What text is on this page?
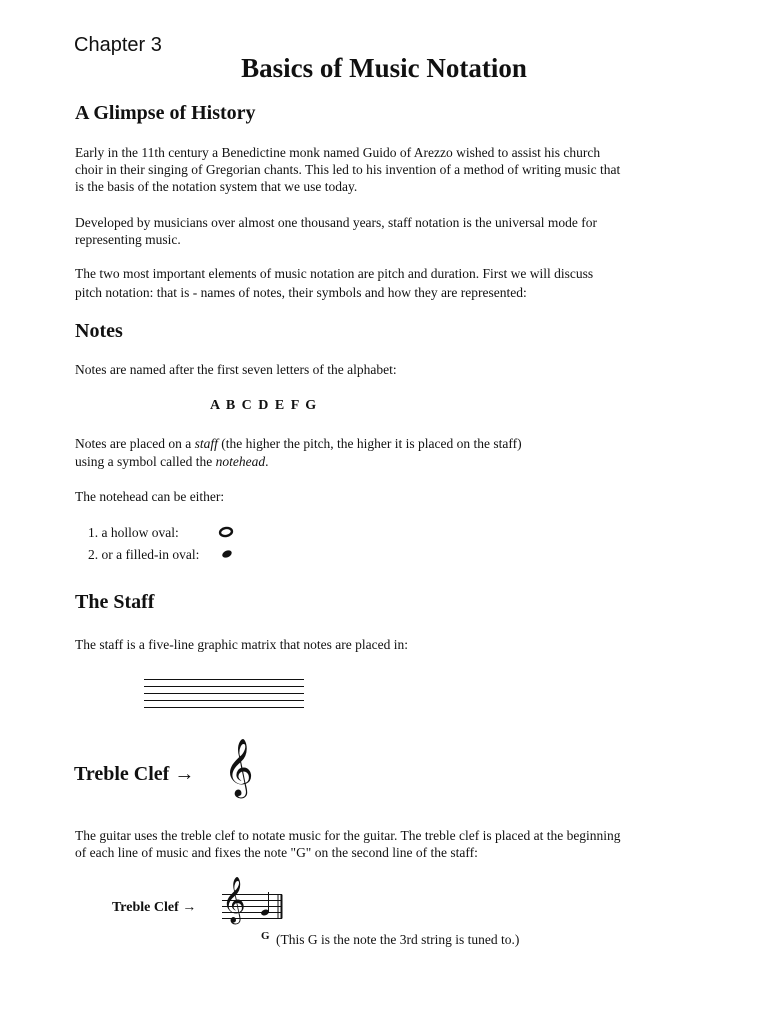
Chapter 3
Basics of Music Notation
A Glimpse of History

Early in the 11th century a Benedictine monk named Guido of Arezzo wished to assist his church

choir in their singing of Gregorian chants. This led to his invention of a method of writing music that

is the basis of the notation system that we use today.

Developed by musicians over almost one thousand years, staff notation is the universal mode for

representing music.

The two most important elements of music notation are pitch and duration. First we will discuss

pitch notation: that is - names of notes, their symbols and how they are represented:

Notes

Notes are named after the first seven letters of the alphabet:

A B C D E F G

Notes are placed on a staff (the higher the pitch, the higher it is placed on the staff)

using a symbol called the notehead.

The notehead can be either:

1. a hollow oval:
2. or a filled-in oval:
The Staff

The staff is a five-line graphic matrix that notes are placed in:

Treble Clef → 𝄞

The guitar uses the treble clef to notate music for the guitar. The treble clef is placed at the beginning

of each line of music and fixes the note "G" on the second line of the staff:

Treble Clef → 𝄞
G (This G is the note the 3rd string is tuned to.)
